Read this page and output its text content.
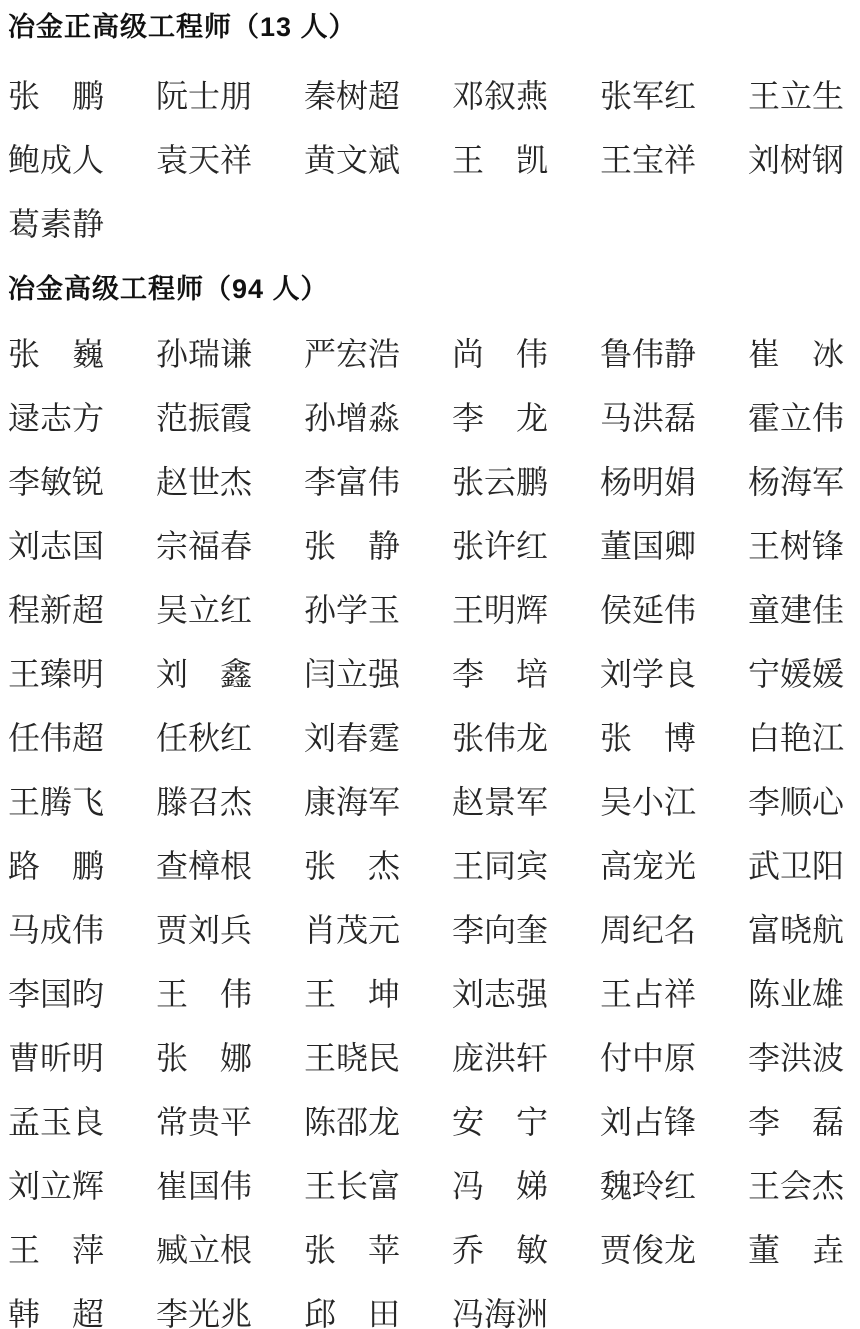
冶金正高级工程师（13 人）
张　鹏 阮士朋 秦树超 邓叙燕 张军红 王立生
鲍成人 袁天祥 黄文斌 王　凯 王宝祥 刘树钢
葛素静
冶金高级工程师（94 人）
张　巍 孙瑞谦 严宏浩 尚　伟 鲁伟静 崔　冰
逯志方 范振霞 孙增淼 李　龙 马洪磊 霍立伟
李敏锐 赵世杰 李富伟 张云鹏 杨明娟 杨海军
刘志国 宗福春 张　静 张许红 董国卿 王树锋
程新超 吴立红 孙学玉 王明辉 侯延伟 童建佳
王臻明 刘　鑫 闫立强 李　培 刘学良 宁媛媛
任伟超 任秋红 刘春霆 张伟龙 张　博 白艳江
王腾飞 滕召杰 康海军 赵景军 吴小江 李顺心
路　鹏 查樟根 张　杰 王同宾 高宠光 武卫阳
马成伟 贾刘兵 肖茂元 李向奎 周纪名 富晓航
李国昀 王　伟 王　坤 刘志强 王占祥 陈业雄
曹昕明 张　娜 王晓民 庞洪轩 付中原 李洪波
孟玉良 常贵平 陈邵龙 安　宁 刘占锋 李　磊
刘立辉 崔国伟 王长富 冯　娣 魏玲红 王会杰
王　萍 臧立根 张　苹 乔　敏 贾俊龙 董　垚
韩　超 李光兆 邱　田 冯海洲
